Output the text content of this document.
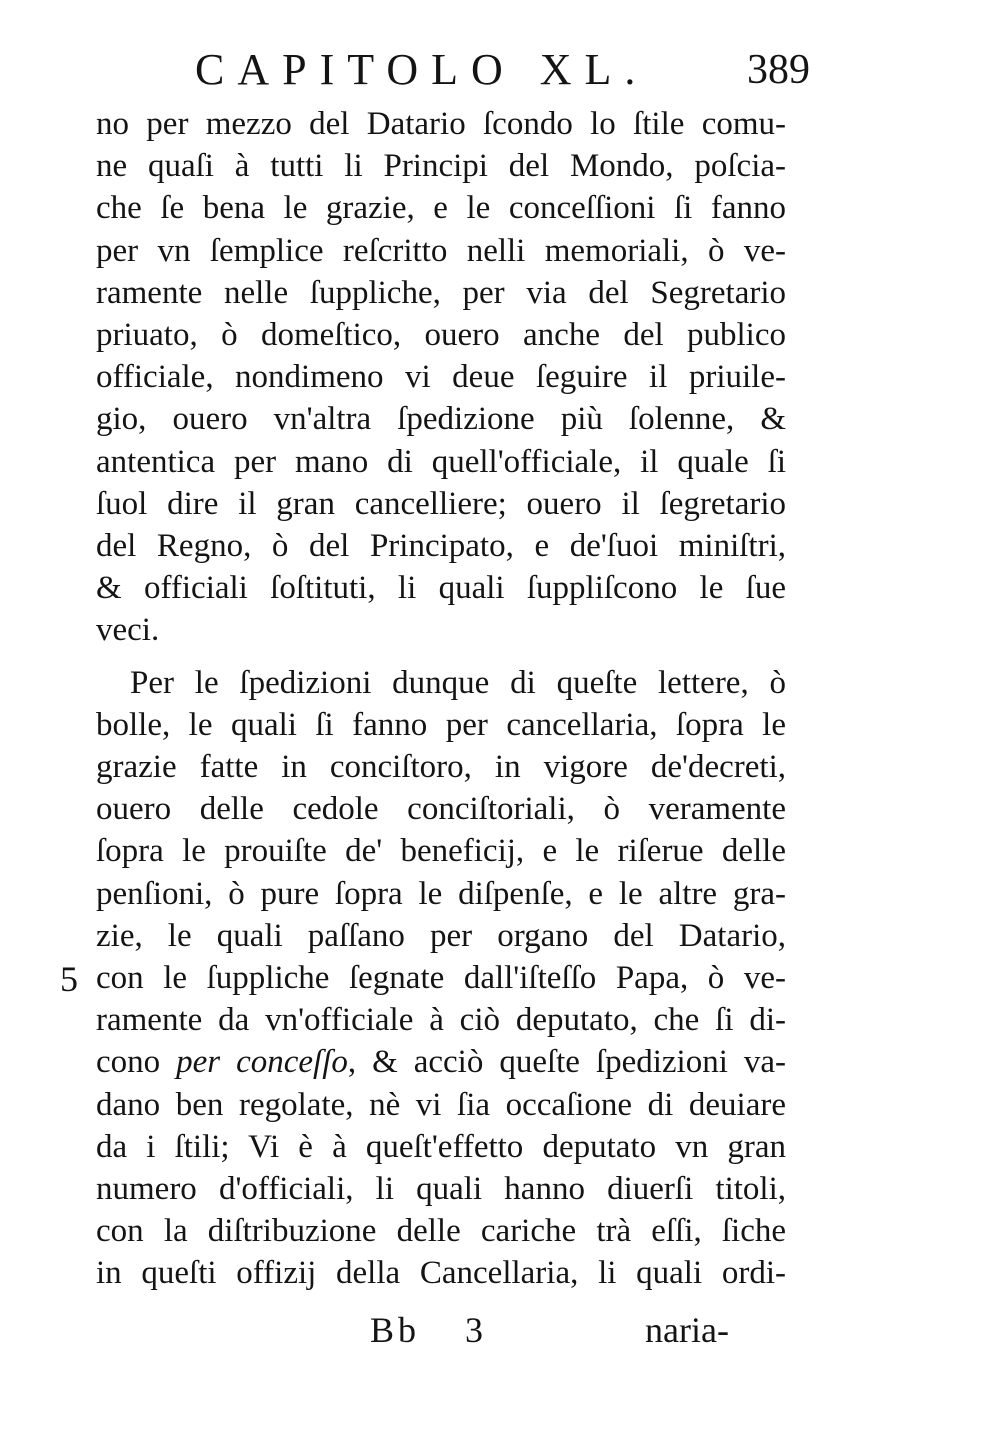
CAPITOLO XL. 389
no per mezzo del Datario ſcondo lo ſtile comu-
ne quaſi à tutti li Principi del Mondo, poſcia-
che ſe bena le grazie, e le conceſſioni ſi fanno
per vn ſemplice reſcritto nelli memoriali, ò ve-
ramente nelle ſuppliche, per via del Segretario
priuato, ò domeſtico, ouero anche del publico
officiale, nondimeno vi deue ſeguire il priuile-
gio, ouero vn'altra ſpedizione più ſolenne, &
antentica per mano di quell'officiale, il quale ſi
ſuol dire il gran cancelliere; ouero il ſegretario
del Regno, ò del Principato, e de'ſuoi miniſtri,
& officiali ſoſtituti, li quali ſuppliſcono le ſue
veci.
Per le ſpedizioni dunque di queſte lettere, ò
bolle, le quali ſi fanno per cancellaria, ſopra le
grazie fatte in conciſtoro, in vigore de'decreti,
ouero delle cedole conciſtoriali, ò veramente
ſopra le prouiſte de' beneficij, e le riſerue delle
penſioni, ò pure ſopra le diſpenſe, e le altre gra-
zie, le quali paſſano per organo del Datario,
con le ſuppliche ſegnate dall'iſteſſo Papa, ò ve-
ramente da vn'officiale à ciò deputato, che ſi di-
cono per conceſſo, & acciò queſte ſpedizioni va-
dano ben regolate, nè vi ſia occaſione di deuiare
da i ſtili; Vi è à queſt'effetto deputato vn gran
numero d'officiali, li quali hanno diuerſi titoli,
con la diſtribuzione delle cariche trà eſſi, ſiche
in queſti offizij della Cancellaria, li quali ordi-
5
Bb 3	naria-
